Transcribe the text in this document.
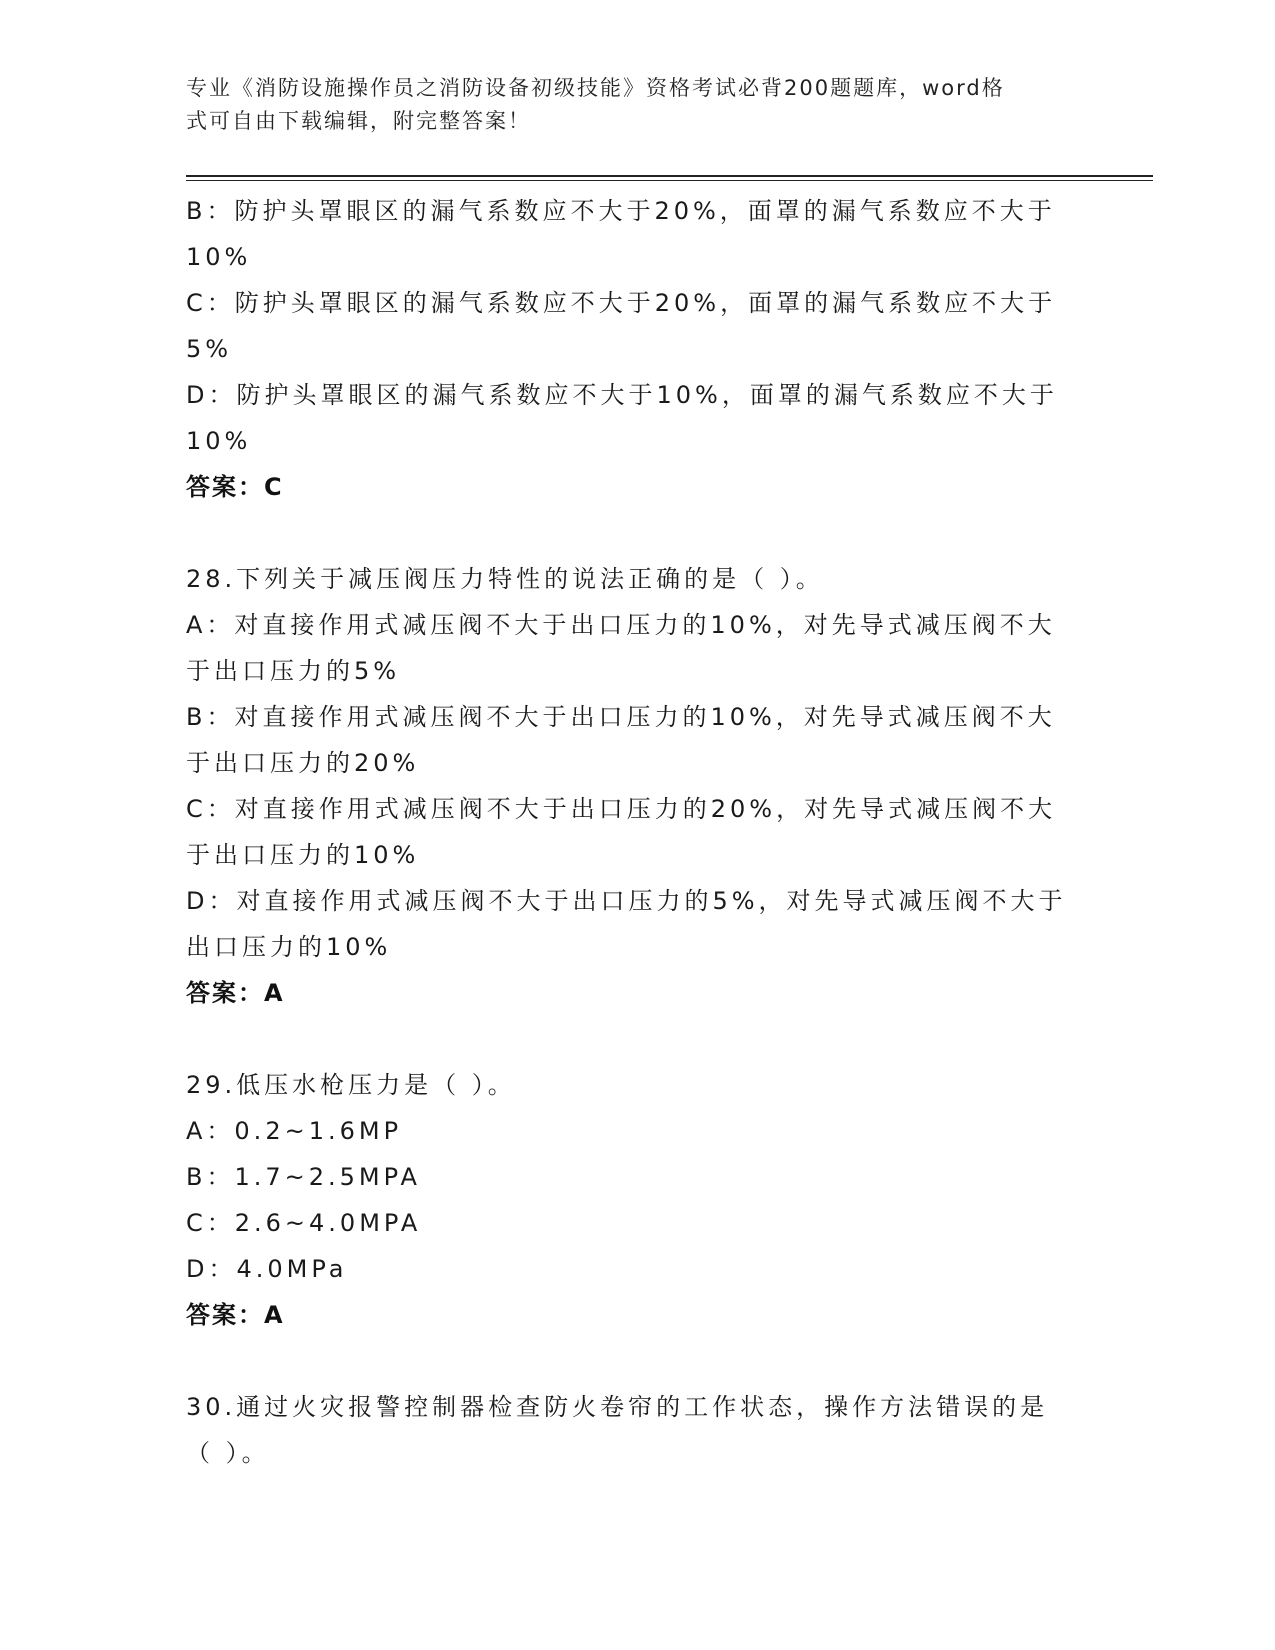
专业《消防设施操作员之消防设备初级技能》资格考试必背200题题库，word格
式可自由下载编辑，附完整答案！
B：防护头罩眼区的漏气系数应不大于20%，面罩的漏气系数应不大于
10%
C：防护头罩眼区的漏气系数应不大于20%，面罩的漏气系数应不大于
5%
D：防护头罩眼区的漏气系数应不大于10%，面罩的漏气系数应不大于
10%
答案：C
28.下列关于减压阀压力特性的说法正确的是（ ）。
A：对直接作用式减压阀不大于出口压力的10%，对先导式减压阀不大
于出口压力的5%
B：对直接作用式减压阀不大于出口压力的10%，对先导式减压阀不大
于出口压力的20%
C：对直接作用式减压阀不大于出口压力的20%，对先导式减压阀不大
于出口压力的10%
D：对直接作用式减压阀不大于出口压力的5%，对先导式减压阀不大于
出口压力的10%
答案：A
29.低压水枪压力是（ ）。
A：0.2~1.6MP
B：1.7~2.5MPA
C：2.6~4.0MPA
D：4.0MPa
答案：A
30.通过火灾报警控制器检查防火卷帘的工作状态，操作方法错误的是
（ ）。
